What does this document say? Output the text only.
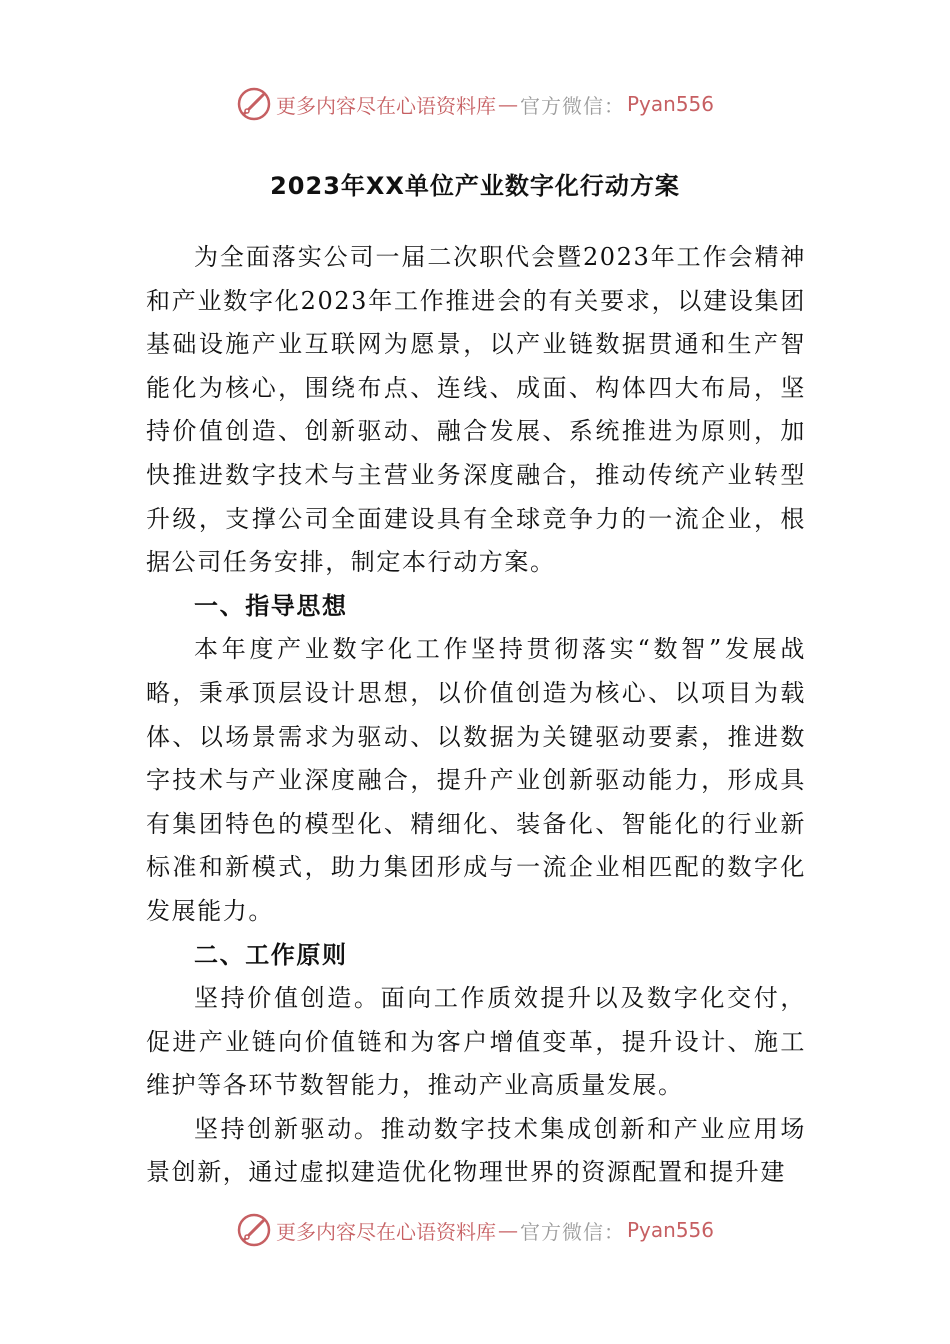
更多内容尽在心语资料库 — 官方微信： Pyan556
2023年XX单位产业数字化行动方案

为全面落实公司一届二次职代会暨2023年工作会精神和产业数字化2023年工作推进会的有关要求，以建设集团基础设施产业互联网为愿景，以产业链数据贯通和生产智能化为核心，围绕布点、连线、成面、构体四大布局，坚持价值创造、创新驱动、融合发展、系统推进为原则，加快推进数字技术与主营业务深度融合，推动传统产业转型升级，支撑公司全面建设具有全球竞争力的一流企业，根据公司任务安排，制定本行动方案。

一、指导思想

本年度产业数字化工作坚持贯彻落实“数智”发展战略，秉承顶层设计思想，以价值创造为核心、以项目为载体、以场景需求为驱动、以数据为关键驱动要素，推进数字技术与产业深度融合，提升产业创新驱动能力，形成具有集团特色的模型化、精细化、装备化、智能化的行业新标准和新模式，助力集团形成与一流企业相匹配的数字化发展能力。

二、工作原则

坚持价值创造。面向工作质效提升以及数字化交付，促进产业链向价值链和为客户增值变革，提升设计、施工维护等各环节数智能力，推动产业高质量发展。

坚持创新驱动。推动数字技术集成创新和产业应用场景创新，通过虚拟建造优化物理世界的资源配置和提升建

更多内容尽在心语资料库 — 官方微信： Pyan556
